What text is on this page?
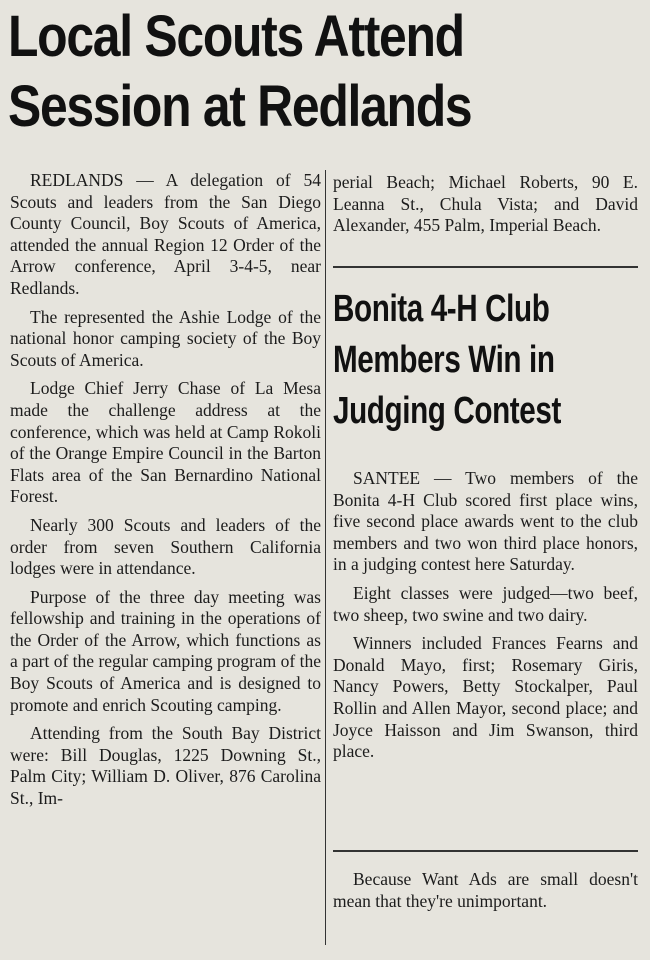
Local Scouts Attend Session at Redlands

REDLANDS — A delegation of 54 Scouts and leaders from the San Diego County Council, Boy Scouts of America, attended the annual Region 12 Order of the Arrow conference, April 3-4-5, near Redlands.

The represented the Ashie Lodge of the national honor camping society of the Boy Scouts of America.

Lodge Chief Jerry Chase of La Mesa made the challenge address at the conference, which was held at Camp Rokoli of the Orange Empire Council in the Barton Flats area of the San Bernardino National Forest.

Nearly 300 Scouts and leaders of the order from seven Southern California lodges were in attendance.

Purpose of the three day meeting was fellowship and training in the operations of the Order of the Arrow, which functions as a part of the regular camping program of the Boy Scouts of America and is designed to promote and enrich Scouting camping.

Attending from the South Bay District were: Bill Douglas, 1225 Downing St., Palm City; William D. Oliver, 876 Carolina St., Im-

perial Beach; Michael Roberts, 90 E. Leanna St., Chula Vista; and David Alexander, 455 Palm, Imperial Beach.

Bonita 4-H Club Members Win in Judging Contest

SANTEE — Two members of the Bonita 4-H Club scored first place wins, five second place awards went to the club members and two won third place honors, in a judging contest here Saturday.

Eight classes were judged—two beef, two sheep, two swine and two dairy.

Winners included Frances Fearns and Donald Mayo, first; Rosemary Giris, Nancy Powers, Betty Stockalper, Paul Rollin and Allen Mayor, second place; and Joyce Haisson and Jim Swanson, third place.

Because Want Ads are small doesn't mean that they're unimportant.
